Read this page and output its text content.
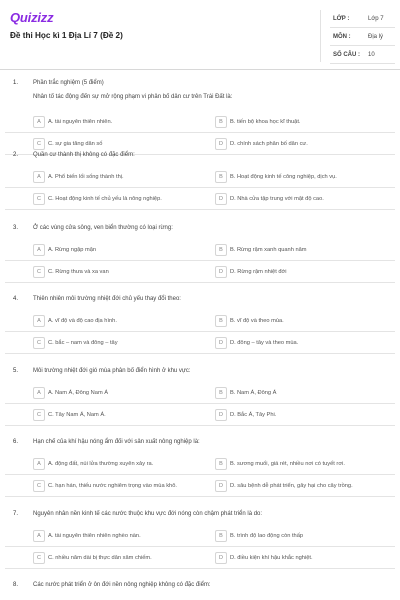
Quizizz
Đề thi Học kì 1 Địa Lí 7 (Đề 2)
LỚP :	Lớp 7
MÔN :	Địa lý
SỐ CÂU : 10
1. Phần trắc nghiệm (5 điểm)
Nhân tố tác động đến sự mở rộng phạm vi phân bố dân cư trên Trái Đất là:
A	A. tài nguyên thiên nhiên.	B	B. tiến bộ khoa học kĩ thuật.
C	C. sự gia tăng dân số	D	D. chính sách phân bố dân cư.
2. Quần cư thành thị không có đặc điểm:
A	A. Phổ biến lối sống thành thị.	B	B. Hoạt động kinh tế công nghiệp, dịch vụ.
C	C. Hoạt động kinh tế chủ yếu là nông nghiệp.	D	D. Nhà cửa tập trung với mật độ cao.
3. Ở các vùng cửa sông, ven biển thường có loại rừng:
A	A. Rừng ngập mặn	B	B. Rừng rậm xanh quanh năm
C	C. Rừng thưa và xa van	D	D. Rừng rậm nhiệt đới
4. Thiên nhiên môi trường nhiệt đới chủ yếu thay đổi theo:
A	A. vĩ độ và độ cao địa hình.	B	B. vĩ độ và theo mùa.
C	C. bắc – nam và đông – tây	D	D. đông – tây và theo mùa.
5. Môi trường nhiệt đới gió mùa phân bố điển hình ở khu vực:
A	A. Nam Á, Đông Nam Á	B	B. Nam Á, Đông Á
C	C. Tây Nam Á, Nam Á.	D	D. Bắc Á, Tây Phi.
6. Hạn chế của khí hậu nóng ẩm đối với sản xuất nông nghiệp là:
A	A. động đất, núi lửa thường xuyên xảy ra.	B	B. sương muối, giá rét, nhiều nơi có tuyết rơi.
C	C. hạn hán, thiếu nước nghiêm trọng vào mùa khô.	D	D. sâu bệnh dễ phát triển, gây hại cho cây trồng.
7. Nguyên nhân nền kinh tế các nước thuộc khu vực đới nóng còn chậm phát triển là do:
A	A. tài nguyên thiên nhiên nghèo nàn.	B	B. trình độ lao động còn thấp
C	C. nhiều năm dài bị thực dân xâm chiếm.	D	D. điều kiện khí hậu khắc nghiệt.
8. Các nước phát triển ở ôn đới nền nông nghiệp không có đặc điểm:
